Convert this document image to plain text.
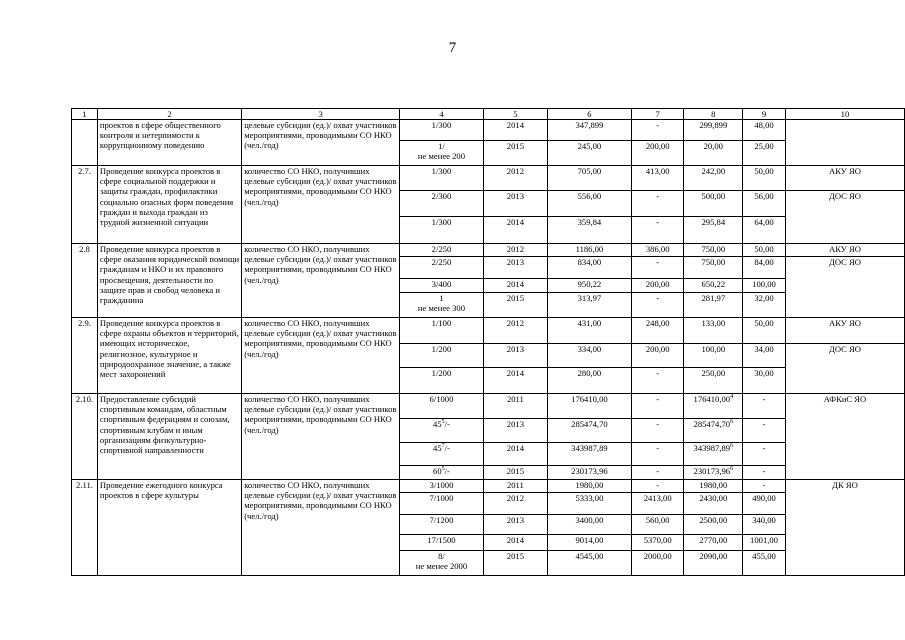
7
1	2	3	4	5	6	7	8	9	10
	проектов в сфере общественного контроля и нетерпимости к коррупционному поведению	целевые субсидии (ед.)/ охват участников мероприятиями, проводимыми СО НКО (чел./год)	1/300	2014	347,899	-	299,899	48,00	

			1/
не менее 200	2015	245,00	200,00	20,00	25,00	
2.7.	Проведение конкурса проектов в сфере социальной поддержки и защиты граждан, профилактики социально опасных форм поведения граждан и выхода граждан из трудной жизненной ситуации	количество СО НКО, получивших целевые субсидии (ед.)/ охват участников мероприятиями, проводимыми СО НКО (чел./год)	1/300	2012	705,00	413,00	242,00	50,00	АКУ ЯО
			2/300	2013	556,00	-	500,00	56,00	ДОС ЯО
			1/300	2014	359,84	-	295,84	64,00	
2.8	Проведение конкурса проектов в сфере оказания юридической помощи гражданам и НКО и их правового просвещения, деятельности по защите прав и свобод человека и гражданина	количество СО НКО, получивших целевые субсидии (ед.)/ охват участников мероприятиями, проводимыми СО НКО (чел./год)	2/250	2012	1186,00	386,00	750,00	50,00	АКУ ЯО
			2/250	2013	834,00	-	750,00	84,00	ДОС ЯО
			3/400	2014	950,22	200,00	650,22	100,00	

			1
не менее 300	2015	313,97	-	281,97	32,00	
2.9.	Проведение конкурса проектов в сфере охраны объектов и территорий, имеющих историческое, религиозное, культурное и природоохранное значение, а также мест захоронений	количество СО НКО, получивших целевые субсидии (ед.)/ охват участников мероприятиями, проводимыми СО НКО (чел./год)	1/100	2012	431,00	248,00	133,00	50,00	АКУ ЯО
			1/200	2013	334,00	200,00	100,00	34,00	ДОС ЯО
			1/200	2014	280,00	-	250,00	30,00	
2.10.	Предоставление субсидий спортивным командам, областным спортивным федерациям и союзам, спортивным клубам и иным организациям физкультурно-спортивной направленности	количество СО НКО, получивших целевые субсидии (ед.)/ охват участников мероприятиями, проводимыми СО НКО (чел./год)	6/1000	2011	176410,00	-	176410,00$^4$	-	АФКиС ЯО
			$45^5/-$	2013	285474,70	-	285474,70$^6$	-	
			$45^7/-$	2014	343987,89	-	343987,89$^6$	-	
			$60^5/-$	2015	230173,96	-	230173,96$^6$	-	
2.11.	Проведение ежегодного конкурса проектов в сфере культуры	количество СО НКО, получивших целевые субсидии (ед.)/ охват участников мероприятиями, проводимыми СО НКО (чел./год)	3/1000	2011	1980,00	-	1980,00	-	ДК ЯО
			7/1000	2012	5333,00	2413,00	2430,00	490,00	
			7/1200	2013	3400,00	560,00	2500,00	340,00	
			17/1500	2014	9014,00	5370,00	2770,00	1001,00	

			8/
не менее 2000	2015	4545,00	2000,00	2090,00	455,00	
